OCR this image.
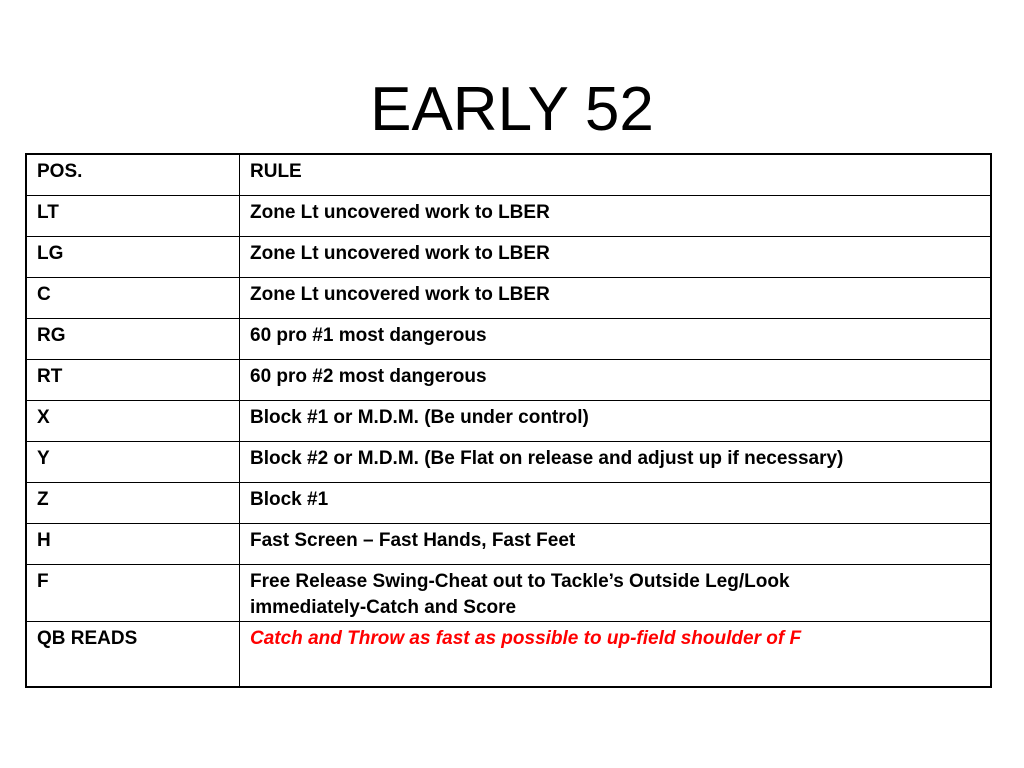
EARLY 52
POS.	RULE
LT	Zone Lt uncovered work to LBER
LG	Zone Lt uncovered work to LBER
C	Zone Lt uncovered work to LBER
RG	60 pro #1 most dangerous
RT	60 pro #2 most dangerous
X	Block #1 or M.D.M. (Be under control)
Y	Block #2 or M.D.M. (Be Flat on release and adjust up if necessary)
Z	Block #1
H	Fast Screen – Fast Hands, Fast Feet
F	Free Release Swing-Cheat out to Tackle’s Outside Leg/Look
immediately-Catch and Score
QB READS	Catch and Throw as fast as possible to up-field shoulder of F
